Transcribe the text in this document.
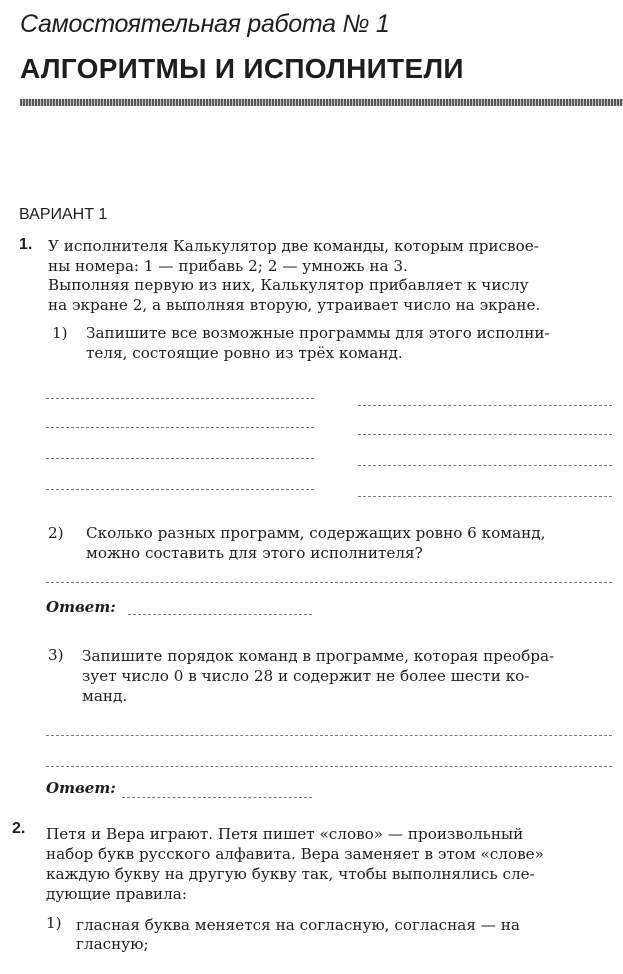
Самостоятельная работа № 1
АЛГОРИТМЫ И ИСПОЛНИТЕЛИ
ВАРИАНТ 1
1. У исполнителя Калькулятор две команды, которым присвое-
ны номера: 1 — прибавь 2; 2 — умножь на 3.
Выполняя первую из них, Калькулятор прибавляет к числу
на экране 2, а выполняя вторую, утраивает число на экране.
1) Запишите все возможные программы для этого исполни-
теля, состоящие ровно из трёх команд.
2) Сколько разных программ, содержащих ровно 6 команд,
можно составить для этого исполнителя?
Ответ:
3) Запишите порядок команд в программе, которая преобра-
зует число 0 в число 28 и содержит не более шести ко-
манд.
Ответ:
2. Петя и Вера играют. Петя пишет «слово» — произвольный
набор букв русского алфавита. Вера заменяет в этом «слове»
каждую букву на другую букву так, чтобы выполнялись сле-
дующие правила:
1) гласная буква меняется на согласную, согласная — на
гласную;
